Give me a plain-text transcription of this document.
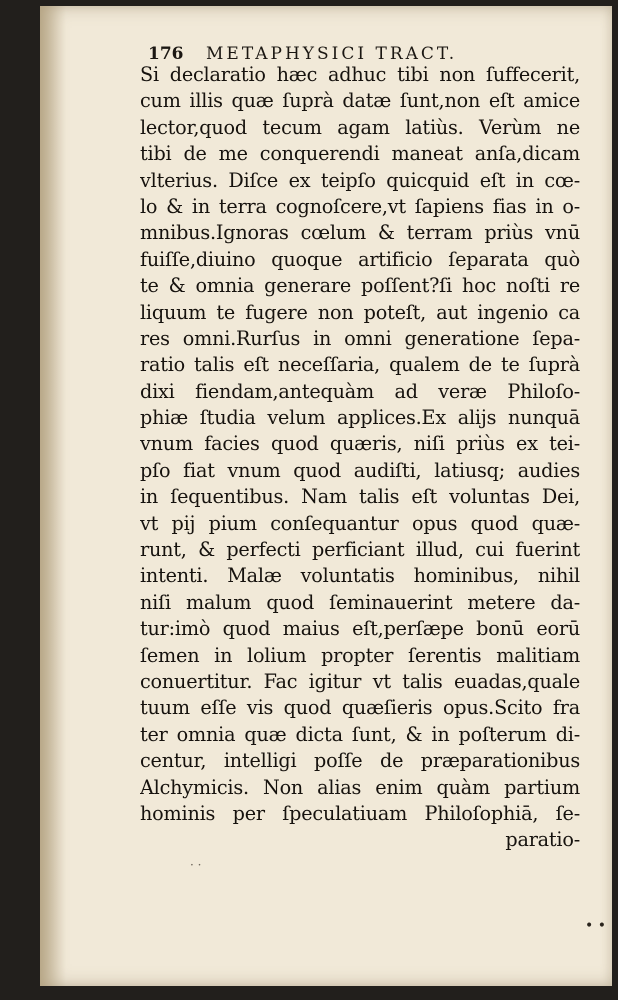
176 METAPHYSICI TRACT.
· ·
• •
Si declaratio hæc adhuc tibi non ſuffecerit,
cum illis quæ ſuprà datæ ſunt,non eſt amice
lector,quod tecum agam latiùs. Verùm ne
tibi de me conquerendi maneat anſa,dicam
vlterius. Diſce ex teipſo quicquid eſt in cœ-
lo & in terra cognoſcere,vt ſapiens fias in o-
mnibus.Ignoras cœlum & terram priùs vnū
fuiſſe,diuino quoque artificio ſeparata quò
te & omnia generare poſſent?ſi hoc noſti re
liquum te fugere non poteſt, aut ingenio ca
res omni.Rurſus in omni generatione ſepa-
ratio talis eſt neceſſaria, qualem de te ſuprà
dixi fiendam,antequàm ad veræ Philoſo-
phiæ ſtudia velum applices.Ex alijs nunquā
vnum facies quod quæris, niſi priùs ex tei-
pſo fiat vnum quod audiſti, latiusq; audies
in ſequentibus. Nam talis eſt voluntas Dei,
vt pij pium conſequantur opus quod quæ-
runt, & perfecti perficiant illud, cui fuerint
intenti. Malæ voluntatis hominibus, nihil
niſi malum quod ſeminauerint metere da-
tur:imò quod maius eſt,perſæpe bonū eorū
ſemen in lolium propter ſerentis malitiam
conuertitur. Fac igitur vt talis euadas,quale
tuum eſſe vis quod quæſieris opus.Scito fra
ter omnia quæ dicta ſunt, & in poſterum di-
centur, intelligi poſſe de præparationibus
Alchymicis. Non alias enim quàm partium
hominis per ſpeculatiuam Philoſophiā, ſe-
paratio-
